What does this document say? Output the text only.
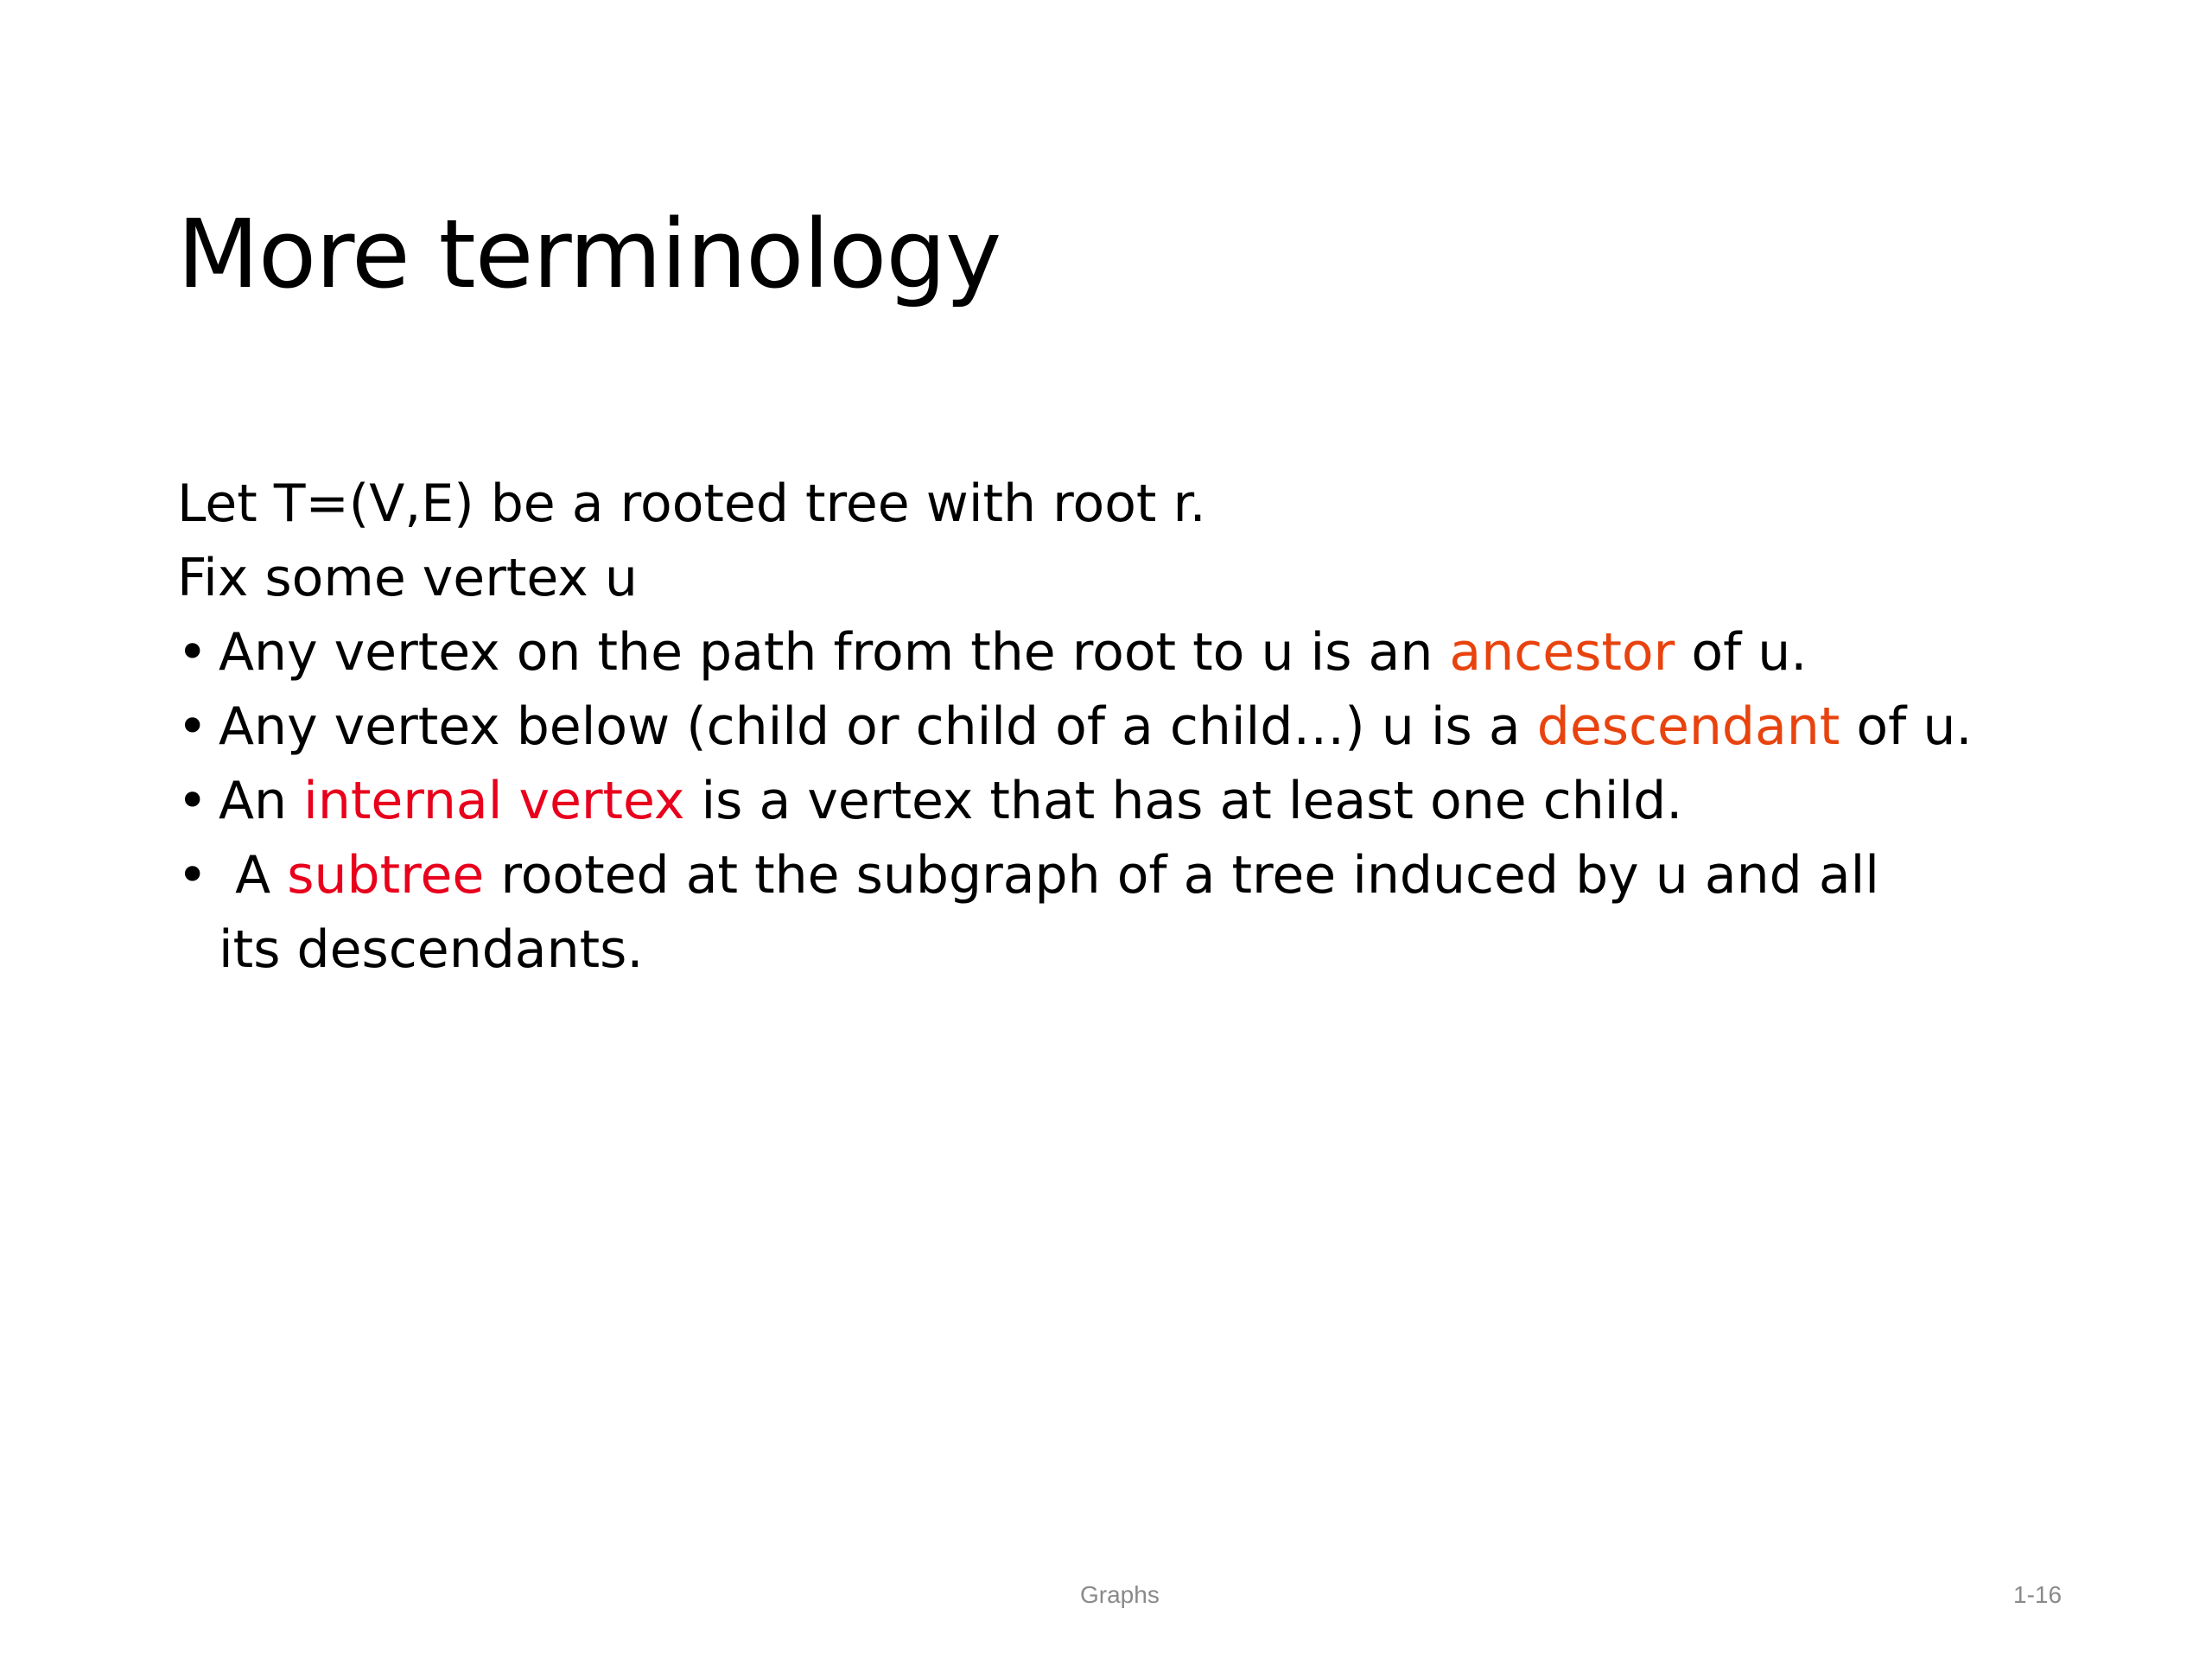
More terminology

Let T=(V,E) be a rooted tree with root r.

Fix some vertex u

• Any vertex on the path from the root to u is an ancestor of u.

• Any vertex below (child or child of a child…) u is a descendant of u.

• An internal vertex is a vertex that has at least one child.

• A subtree rooted at the subgraph of a tree induced by u and all its descendants.

Graphs	1-16
